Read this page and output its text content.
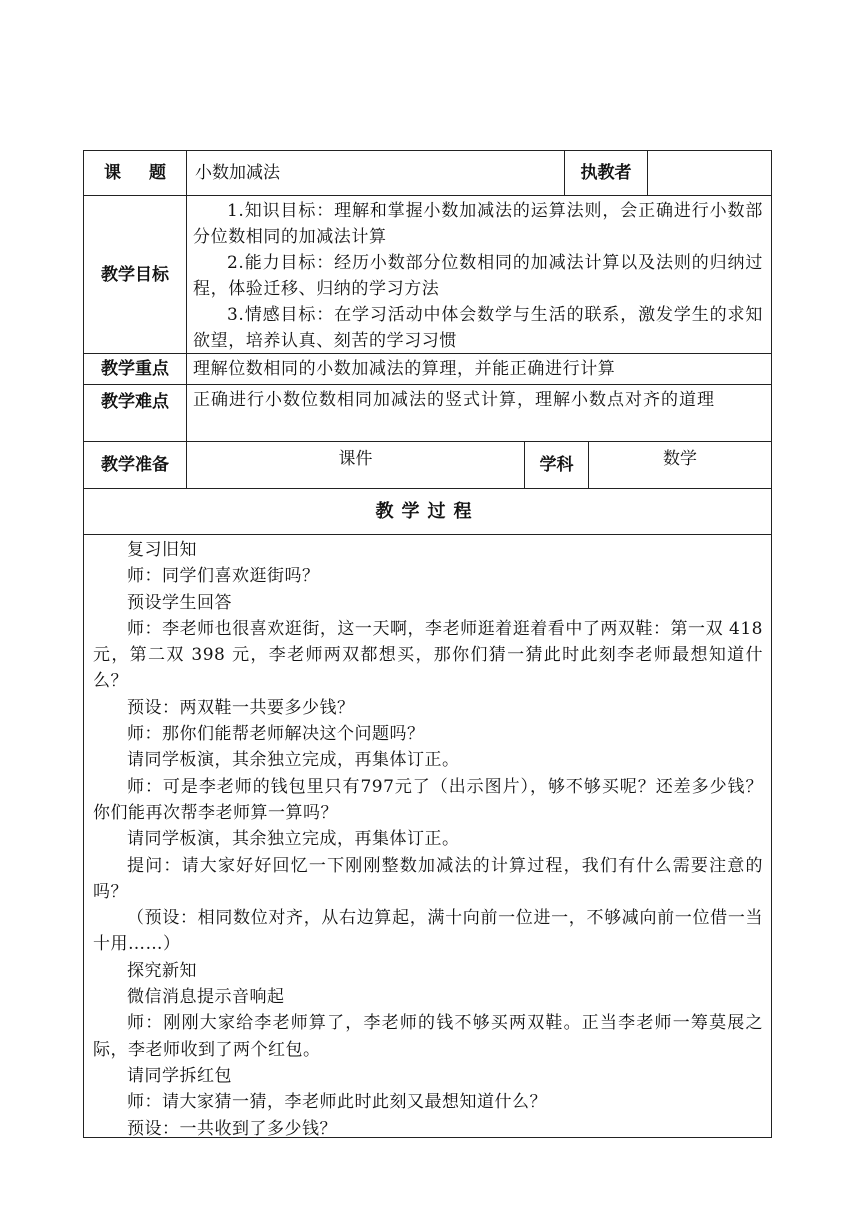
课 题	小数加减法	执教者
教学目标

1.知识目标：理解和掌握小数加减法的运算法则，会正确进行小数部分位数相同的加减法计算

2.能力目标：经历小数部分位数相同的加减法计算以及法则的归纳过程，体验迁移、归纳的学习方法

3.情感目标：在学习活动中体会数学与生活的联系，激发学生的求知欲望，培养认真、刻苦的学习习惯

教学重点	理解位数相同的小数加减法的算理，并能正确进行计算
教学难点	正确进行小数位数相同加减法的竖式计算，理解小数点对齐的道理
教学准备	课件	学科	数学
教学过程

复习旧知

师：同学们喜欢逛街吗？

预设学生回答

师：李老师也很喜欢逛街，这一天啊，李老师逛着逛着看中了两双鞋：第一双 418 元，第二双 398 元，李老师两双都想买，那你们猜一猜此时此刻李老师最想知道什么？

预设：两双鞋一共要多少钱？

师：那你们能帮老师解决这个问题吗？

请同学板演，其余独立完成，再集体订正。

师：可是李老师的钱包里只有797元了（出示图片），够不够买呢？还差多少钱？你们能再次帮李老师算一算吗？

请同学板演，其余独立完成，再集体订正。

提问：请大家好好回忆一下刚刚整数加减法的计算过程，我们有什么需要注意的吗？

（预设：相同数位对齐，从右边算起，满十向前一位进一，不够减向前一位借一当十用……）

探究新知

微信消息提示音响起

师：刚刚大家给李老师算了，李老师的钱不够买两双鞋。正当李老师一筹莫展之际，李老师收到了两个红包。

请同学拆红包

师：请大家猜一猜，李老师此时此刻又最想知道什么？

预设：一共收到了多少钱？
